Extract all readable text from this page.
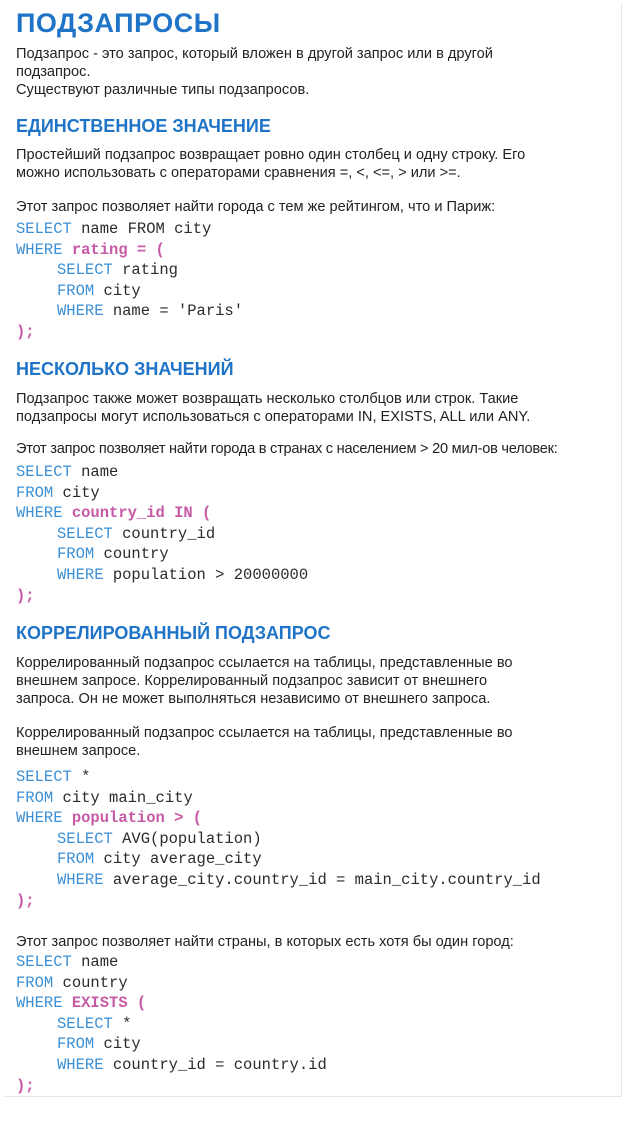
ПОДЗАПРОСЫ

Подзапрос - это запрос, который вложен в другой запрос или в другой
подзапрос.
Существуют различные типы подзапросов.

ЕДИНСТВЕННОЕ ЗНАЧЕНИЕ

Простейший подзапрос возвращает ровно один столбец и одну строку. Его
можно использовать с операторами сравнения =, <, <=, > или >=.

Этот запрос позволяет найти города с тем же рейтингом, что и Париж:

SELECT name FROM city
WHERE rating = (
SELECT rating
FROM city
WHERE name = 'Paris'
);
НЕСКОЛЬКО ЗНАЧЕНИЙ

Подзапрос также может возвращать несколько столбцов или строк. Такие
подзапросы могут использоваться с операторами IN, EXISTS, ALL или ANY.

Этот запрос позволяет найти города в странах с населением > 20 мил-ов человек:

SELECT name
FROM city
WHERE country_id IN (
SELECT country_id
FROM country
WHERE population > 20000000
);
КОРРЕЛИРОВАННЫЙ ПОДЗАПРОС

Коррелированный подзапрос ссылается на таблицы, представленные во
внешнем запросе. Коррелированный подзапрос зависит от внешнего
запроса. Он не может выполняться независимо от внешнего запроса.

Коррелированный подзапрос ссылается на таблицы, представленные во
внешнем запросе.

SELECT *
FROM city main_city
WHERE population > (
SELECT AVG(population)
FROM city average_city
WHERE average_city.country_id = main_city.country_id
);

Этот запрос позволяет найти страны, в которых есть хотя бы один город:

SELECT name
FROM country
WHERE EXISTS (
SELECT *
FROM city
WHERE country_id = country.id
);
